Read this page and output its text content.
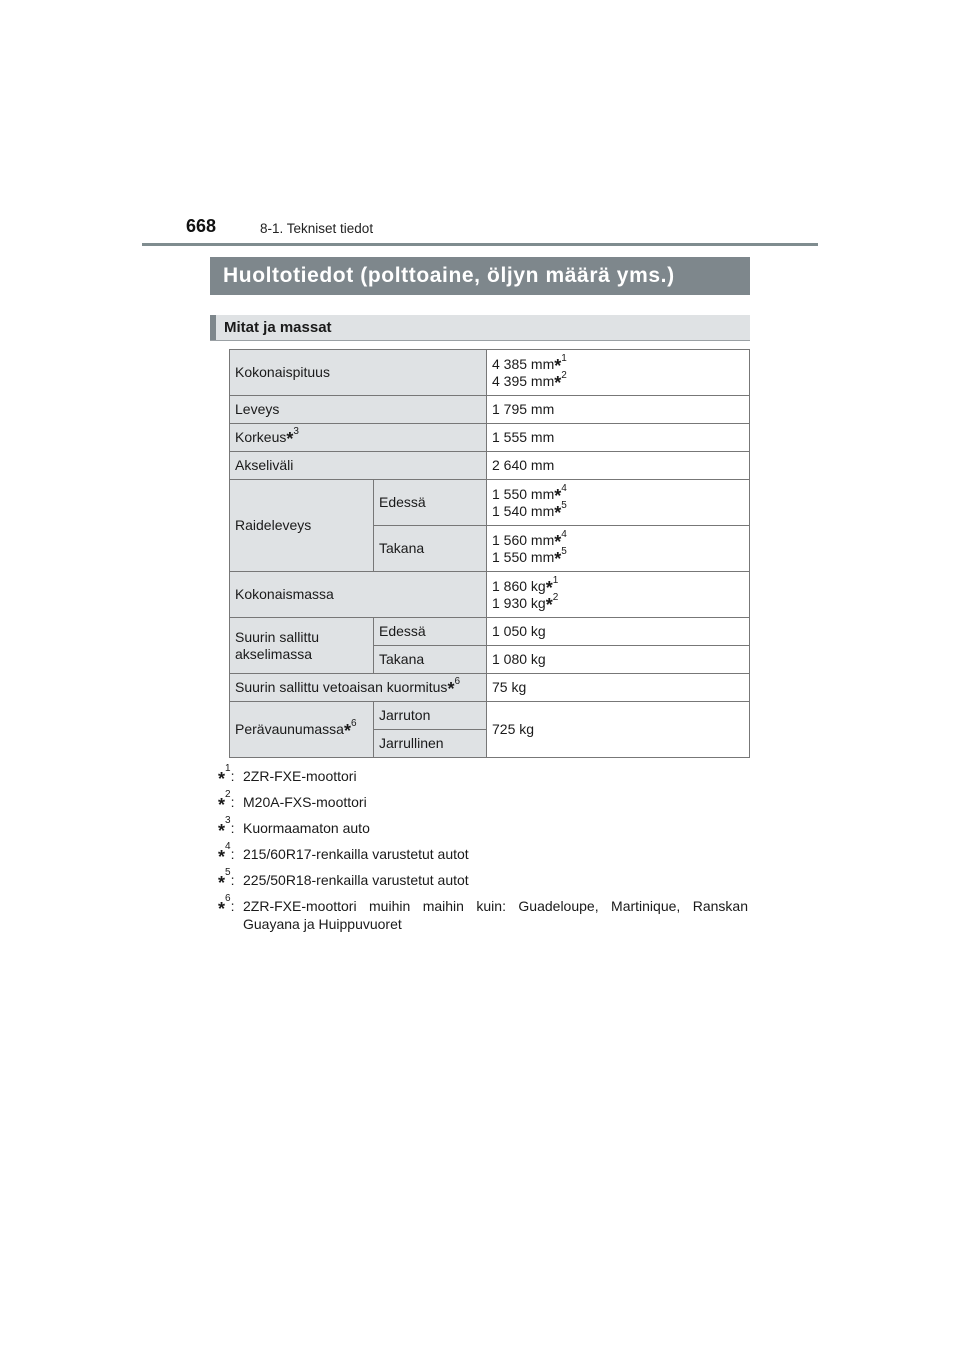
668	8-1. Tekniset tiedot
Huoltotiedot (polttoaine, öljyn määrä yms.)
Mitat ja massat
Kokonaispituus		4 385 mm*$^1$
4 395 mm*$^2$
Leveys		1 795 mm
Korkeus*$^3$		1 555 mm
Akseliväli		2 640 mm
Raideleveys	Edessä	1 550 mm*$^4$
1 540 mm*$^5$
	Takana	1 560 mm*$^4$
1 550 mm*$^5$
Kokonaismassa		1 860 kg*$^1$
1 930 kg*$^2$
Suurin sallittu
akselimassa	Edessä	1 050 kg
	Takana	1 080 kg
Suurin sallittu vetoaisan kuormitus*$^6$		75 kg
Perävaunumassa*$^6$	Jarruton	725 kg
	Jarrullinen	
*$^1$: 2ZR-FXE-moottori
*$^2$: M20A-FXS-moottori
*$^3$: Kuormaamaton auto
*$^4$: 215/60R17-renkailla varustetut autot
*$^5$: 225/50R18-renkailla varustetut autot
*$^6$: 2ZR-FXE-moottori muihin maihin kuin: Guadeloupe, Martinique, Ranskan Guayana ja Huippuvuoret
